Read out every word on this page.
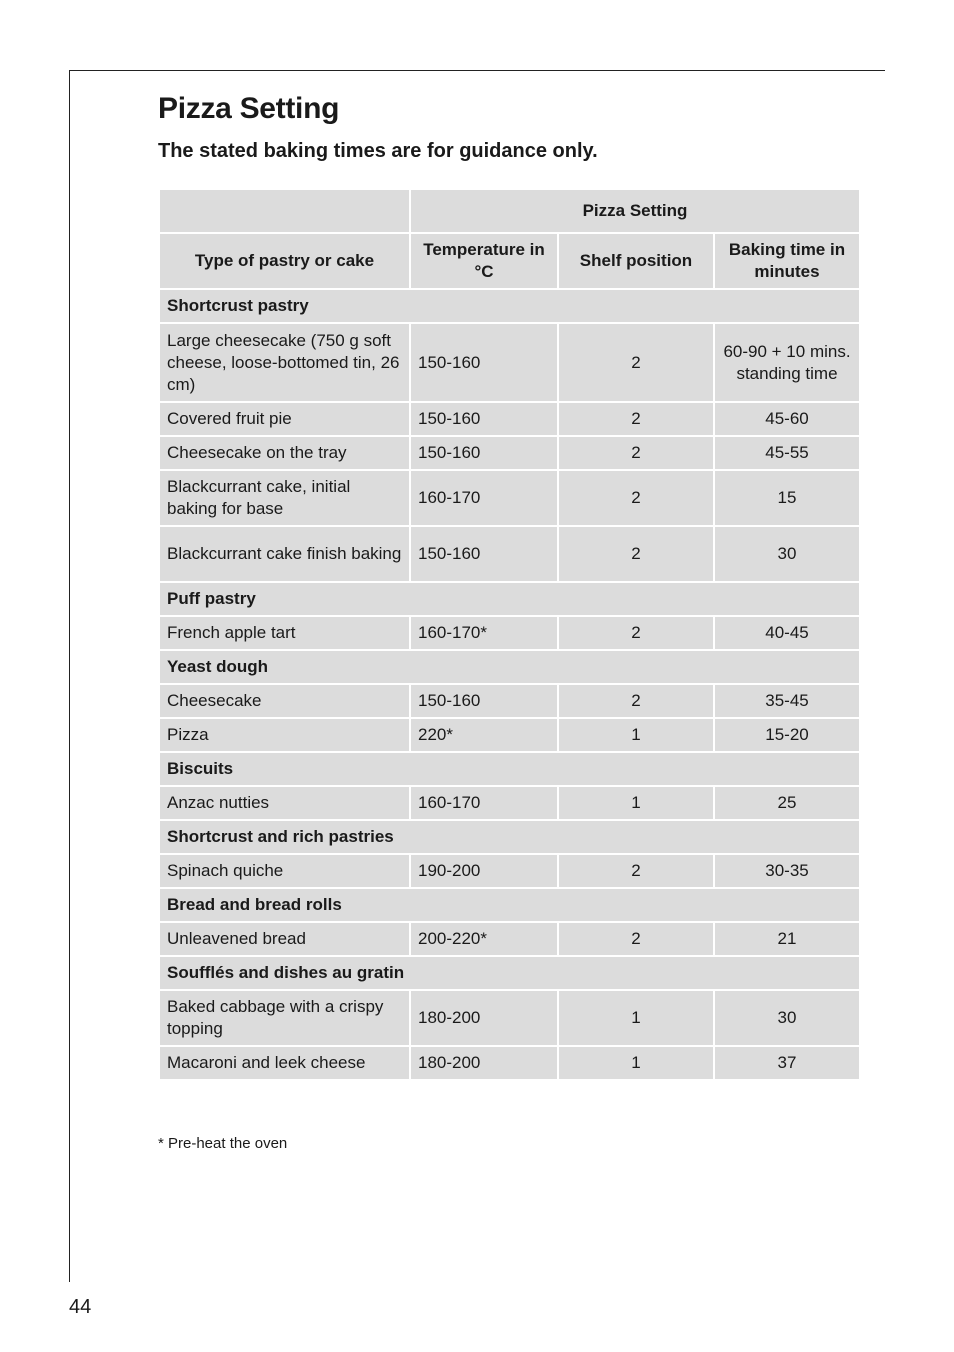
Pizza Setting
The stated baking times are for guidance only.
	Pizza Setting		
Type of pastry or cake	Temperature in °C	Shelf position	Baking time in minutes
Shortcrust pastry			
Large cheesecake (750 g soft cheese, loose-bottomed tin, 26 cm)	150-160	2	60-90 + 10 mins. standing time
Covered fruit pie	150-160	2	45-60
Cheesecake on the tray	150-160	2	45-55
Blackcurrant cake, initial baking for base	160-170	2	15
Blackcurrant cake finish baking	150-160	2	30
Puff pastry			
French apple tart	160-170*	2	40-45
Yeast dough			
Cheesecake	150-160	2	35-45
Pizza	220*	1	15-20
Biscuits			
Anzac nutties	160-170	1	25
Shortcrust and rich pastries			
Spinach quiche	190-200	2	30-35
Bread and bread rolls			
Unleavened bread	200-220*	2	21
Soufflés and dishes au gratin			
Baked cabbage with a crispy topping	180-200	1	30
Macaroni and leek cheese	180-200	1	37

* Pre-heat the oven

44
